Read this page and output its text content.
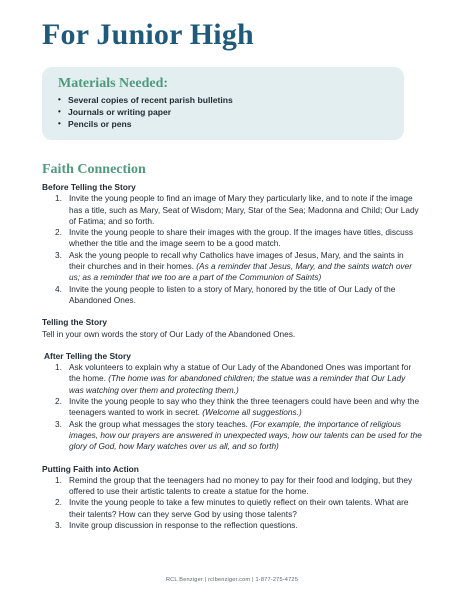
For Junior High
Materials Needed:
• Several copies of recent parish bulletins
• Journals or writing paper
• Pencils or pens
Faith Connection

Before Telling the Story

1. Invite the young people to find an image of Mary they particularly like, and to note if the image has a title, such as Mary, Seat of Wisdom; Mary, Star of the Sea; Madonna and Child; Our Lady of Fatima; and so forth.
2. Invite the young people to share their images with the group. If the images have titles, discuss whether the title and the image seem to be a good match.
3. Ask the young people to recall why Catholics have images of Jesus, Mary, and the saints in their churches and in their homes. (As a reminder that Jesus, Mary, and the saints watch over us; as a reminder that we too are a part of the Communion of Saints)
4. Invite the young people to listen to a story of Mary, honored by the title of Our Lady of the Abandoned Ones.

Telling the Story

Tell in your own words the story of Our Lady of the Abandoned Ones.

After Telling the Story

1. Ask volunteers to explain why a statue of Our Lady of the Abandoned Ones was important for the home. (The home was for abandoned children; the statue was a reminder that Our Lady was watching over them and protecting them.)
2. Invite the young people to say who they think the three teenagers could have been and why the teenagers wanted to work in secret. (Welcome all suggestions.)
3. Ask the group what messages the story teaches. (For example, the importance of religious images, how our prayers are answered in unexpected ways, how our talents can be used for the glory of God, how Mary watches over us all, and so forth)

Putting Faith into Action

1. Remind the group that the teenagers had no money to pay for their food and lodging, but they offered to use their artistic talents to create a statue for the home.
2. Invite the young people to take a few minutes to quietly reflect on their own talents. What are their talents? How can they serve God by using those talents?
3. Invite group discussion in response to the reflection questions.
RCL Benziger | rclbenziger.com | 1-877-275-4725
